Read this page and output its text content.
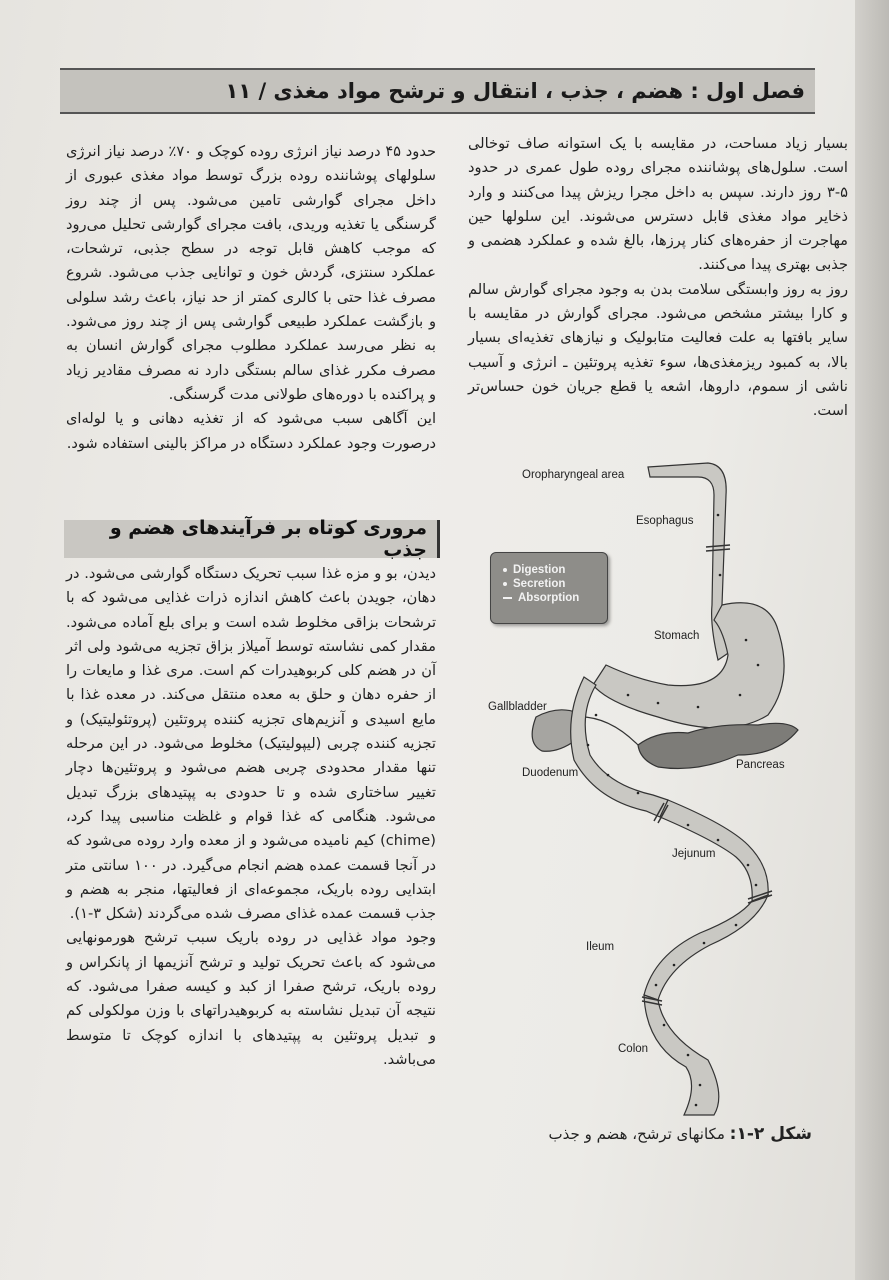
فصل اول : هضم ، جذب ، انتقال و ترشح مواد مغذی / ۱۱

بسیار زیاد مساحت، در مقایسه با یک استوانه صاف توخالی است. سلول‌های پوشاننده مجرای روده طول عمری در حدود ۵-۳ روز دارند. سپس به داخل مجرا ریزش پیدا می‌کنند و وارد ذخایر مواد مغذی قابل دسترس می‌شوند. این سلولها حین مهاجرت از حفره‌های کنار پرزها، بالغ شده و عملکرد هضمی و جذبی بهتری پیدا می‌کنند.

روز به روز وابستگی سلامت بدن به وجود مجرای گوارش سالم و کارا بیشتر مشخص می‌شود. مجرای گوارش در مقایسه با سایر بافتها به علت فعالیت متابولیک و نیازهای تغذیه‌ای بسیار بالا، به کمبود ریزمغذی‌ها، سوء تغذیه پروتئین ـ انرژی و آسیب ناشی از سموم، داروها، اشعه یا قطع جریان خون حساس‌تر است.

حدود ۴۵ درصد نیاز انرژی روده کوچک و ۷۰٪ درصد نیاز انرژی سلولهای پوشاننده روده بزرگ توسط مواد مغذی عبوری از داخل مجرای گوارشی تامین می‌شود. پس از چند روز گرسنگی یا تغذیه وریدی، بافت مجرای گوارشی تحلیل می‌رود که موجب کاهش قابل توجه در سطح جذبی، ترشحات، عملکرد سنتزی، گردش خون و توانایی جذب می‌شود. شروع مصرف غذا حتی با کالری کمتر از حد نیاز، باعث رشد سلولی و بازگشت عملکرد طبیعی گوارشی پس از چند روز می‌شود. به نظر می‌رسد عملکرد مطلوب مجرای گوارش انسان به مصرف مکرر غذای سالم بستگی دارد نه مصرف مقادیر زیاد و پراکنده با دوره‌های طولانی مدت گرسنگی.

این آگاهی سبب می‌شود که از تغذیه دهانی و یا لوله‌ای درصورت وجود عملکرد دستگاه در مراکز بالینی استفاده شود.

مروری کوتاه بر فرآیندهای هضم و جذب

دیدن، بو و مزه غذا سبب تحریک دستگاه گوارشی می‌شود. در دهان، جویدن باعث کاهش اندازه ذرات غذایی می‌شود که با ترشحات بزاقی مخلوط شده است و برای بلع آماده می‌شود. مقدار کمی نشاسته توسط آمیلاز بزاق تجزیه می‌شود ولی اثر آن در هضم کلی کربوهیدرات کم است. مری غذا و مایعات را از حفره دهان و حلق به معده منتقل می‌کند. در معده غذا با مایع اسیدی و آنزیم‌های تجزیه کننده پروتئین (پروتئولیتیک) و تجزیه کننده چربی (لیپولیتیک) مخلوط می‌شود. در این مرحله تنها مقدار محدودی چربی هضم می‌شود و پروتئین‌ها دچار تغییر ساختاری شده و تا حدودی به پپتیدهای بزرگ تبدیل می‌شود. هنگامی که غذا قوام و غلظت مناسبی پیدا کرد، (chime) کیم نامیده می‌شود و از معده وارد روده می‌شود که در آنجا قسمت عمده هضم انجام می‌گیرد. در ۱۰۰ سانتی متر ابتدایی روده باریک، مجموعه‌ای از فعالیتها، منجر به هضم و جذب قسمت عمده غذای مصرف شده می‌گردند (شکل ۳-۱).

وجود مواد غذایی در روده باریک سبب ترشح هورمونهایی می‌شود که باعث تحریک تولید و ترشح آنزیمها از پانکراس و روده باریک، ترشح صفرا از کبد و کیسه صفرا می‌شود. که نتیجه آن تبدیل نشاسته به کربوهیدراتهای با وزن مولکولی کم و تبدیل پروتئین به پپتیدهای با اندازه کوچک تا متوسط می‌باشد.

Oropharyngeal area
Esophagus
Stomach
Gallbladder
Pancreas
Duodenum
Jejunum
Ileum
Colon
Digestion
Secretion
Absorption
شکل ۲-۱: مکانهای ترشح، هضم و جذب
